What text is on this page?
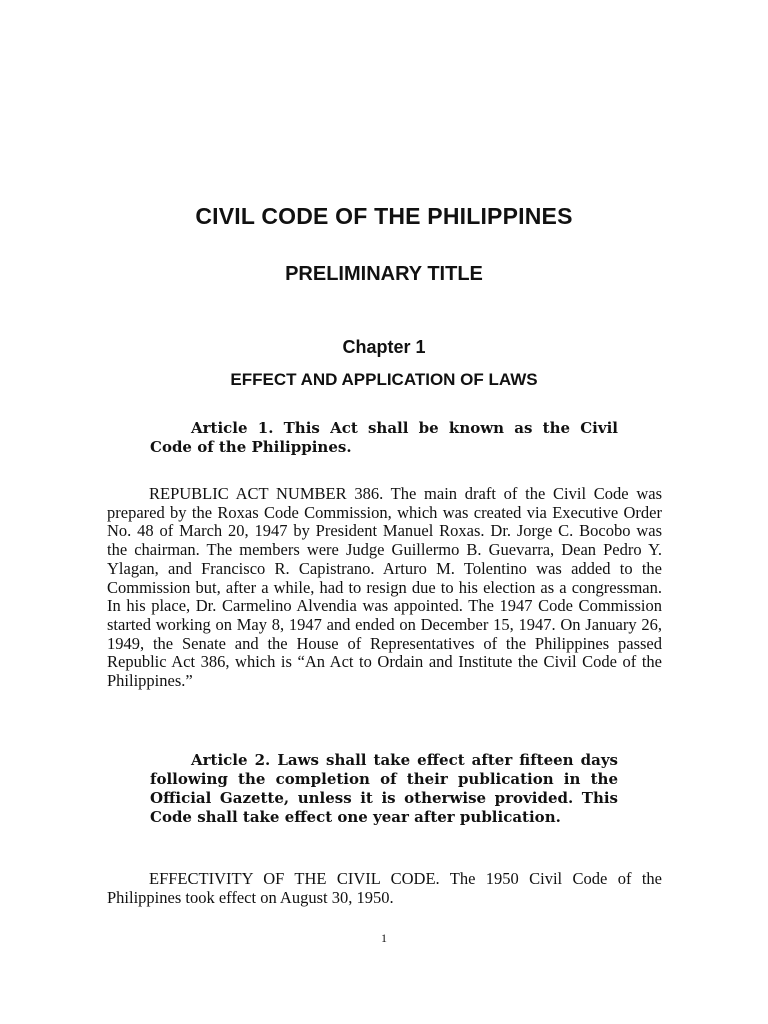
CIVIL CODE OF THE PHILIPPINES
PRELIMINARY TITLE
Chapter 1
EFFECT AND APPLICATION OF LAWS

Article 1. This Act shall be known as the Civil Code of the Philippines.

REPUBLIC ACT NUMBER 386. The main draft of the Civil Code was prepared by the Roxas Code Commission, which was created via Executive Order No. 48 of March 20, 1947 by President Manuel Roxas. Dr. Jorge C. Bocobo was the chairman. The members were Judge Guillermo B. Guevarra, Dean Pedro Y. Ylagan, and Francisco R. Capistrano. Arturo M. Tolentino was added to the Commission but, after a while, had to resign due to his election as a congressman. In his place, Dr. Carmelino Alvendia was appointed. The 1947 Code Commission started working on May 8, 1947 and ended on December 15, 1947. On January 26, 1949, the Senate and the House of Representatives of the Philippines passed Republic Act 386, which is “An Act to Ordain and Institute the Civil Code of the Philippines.”

Article 2. Laws shall take effect after fifteen days following the completion of their publication in the Official Gazette, unless it is otherwise provided. This Code shall take effect one year after publication.

EFFECTIVITY OF THE CIVIL CODE. The 1950 Civil Code of the Philippines took effect on August 30, 1950.

1
